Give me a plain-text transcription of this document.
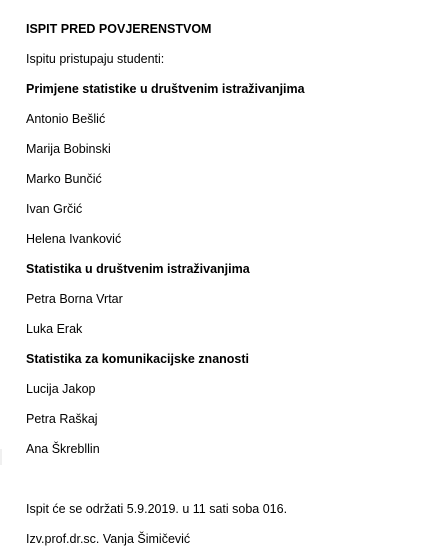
ISPIT PRED POVJERENSTVOM
Ispitu pristupaju studenti:
Primjene statistike u društvenim istraživanjima
Antonio Bešlić
Marija Bobinski
Marko Bunčić
Ivan Grčić
Helena Ivanković
Statistika u društvenim istraživanjima
Petra Borna Vrtar
Luka Erak
Statistika za komunikacijske znanosti
Lucija Jakop
Petra Raškaj
Ana Škrebllin
Ispit će se održati 5.9.2019. u 11 sati soba 016.
Izv.prof.dr.sc. Vanja Šimičević
